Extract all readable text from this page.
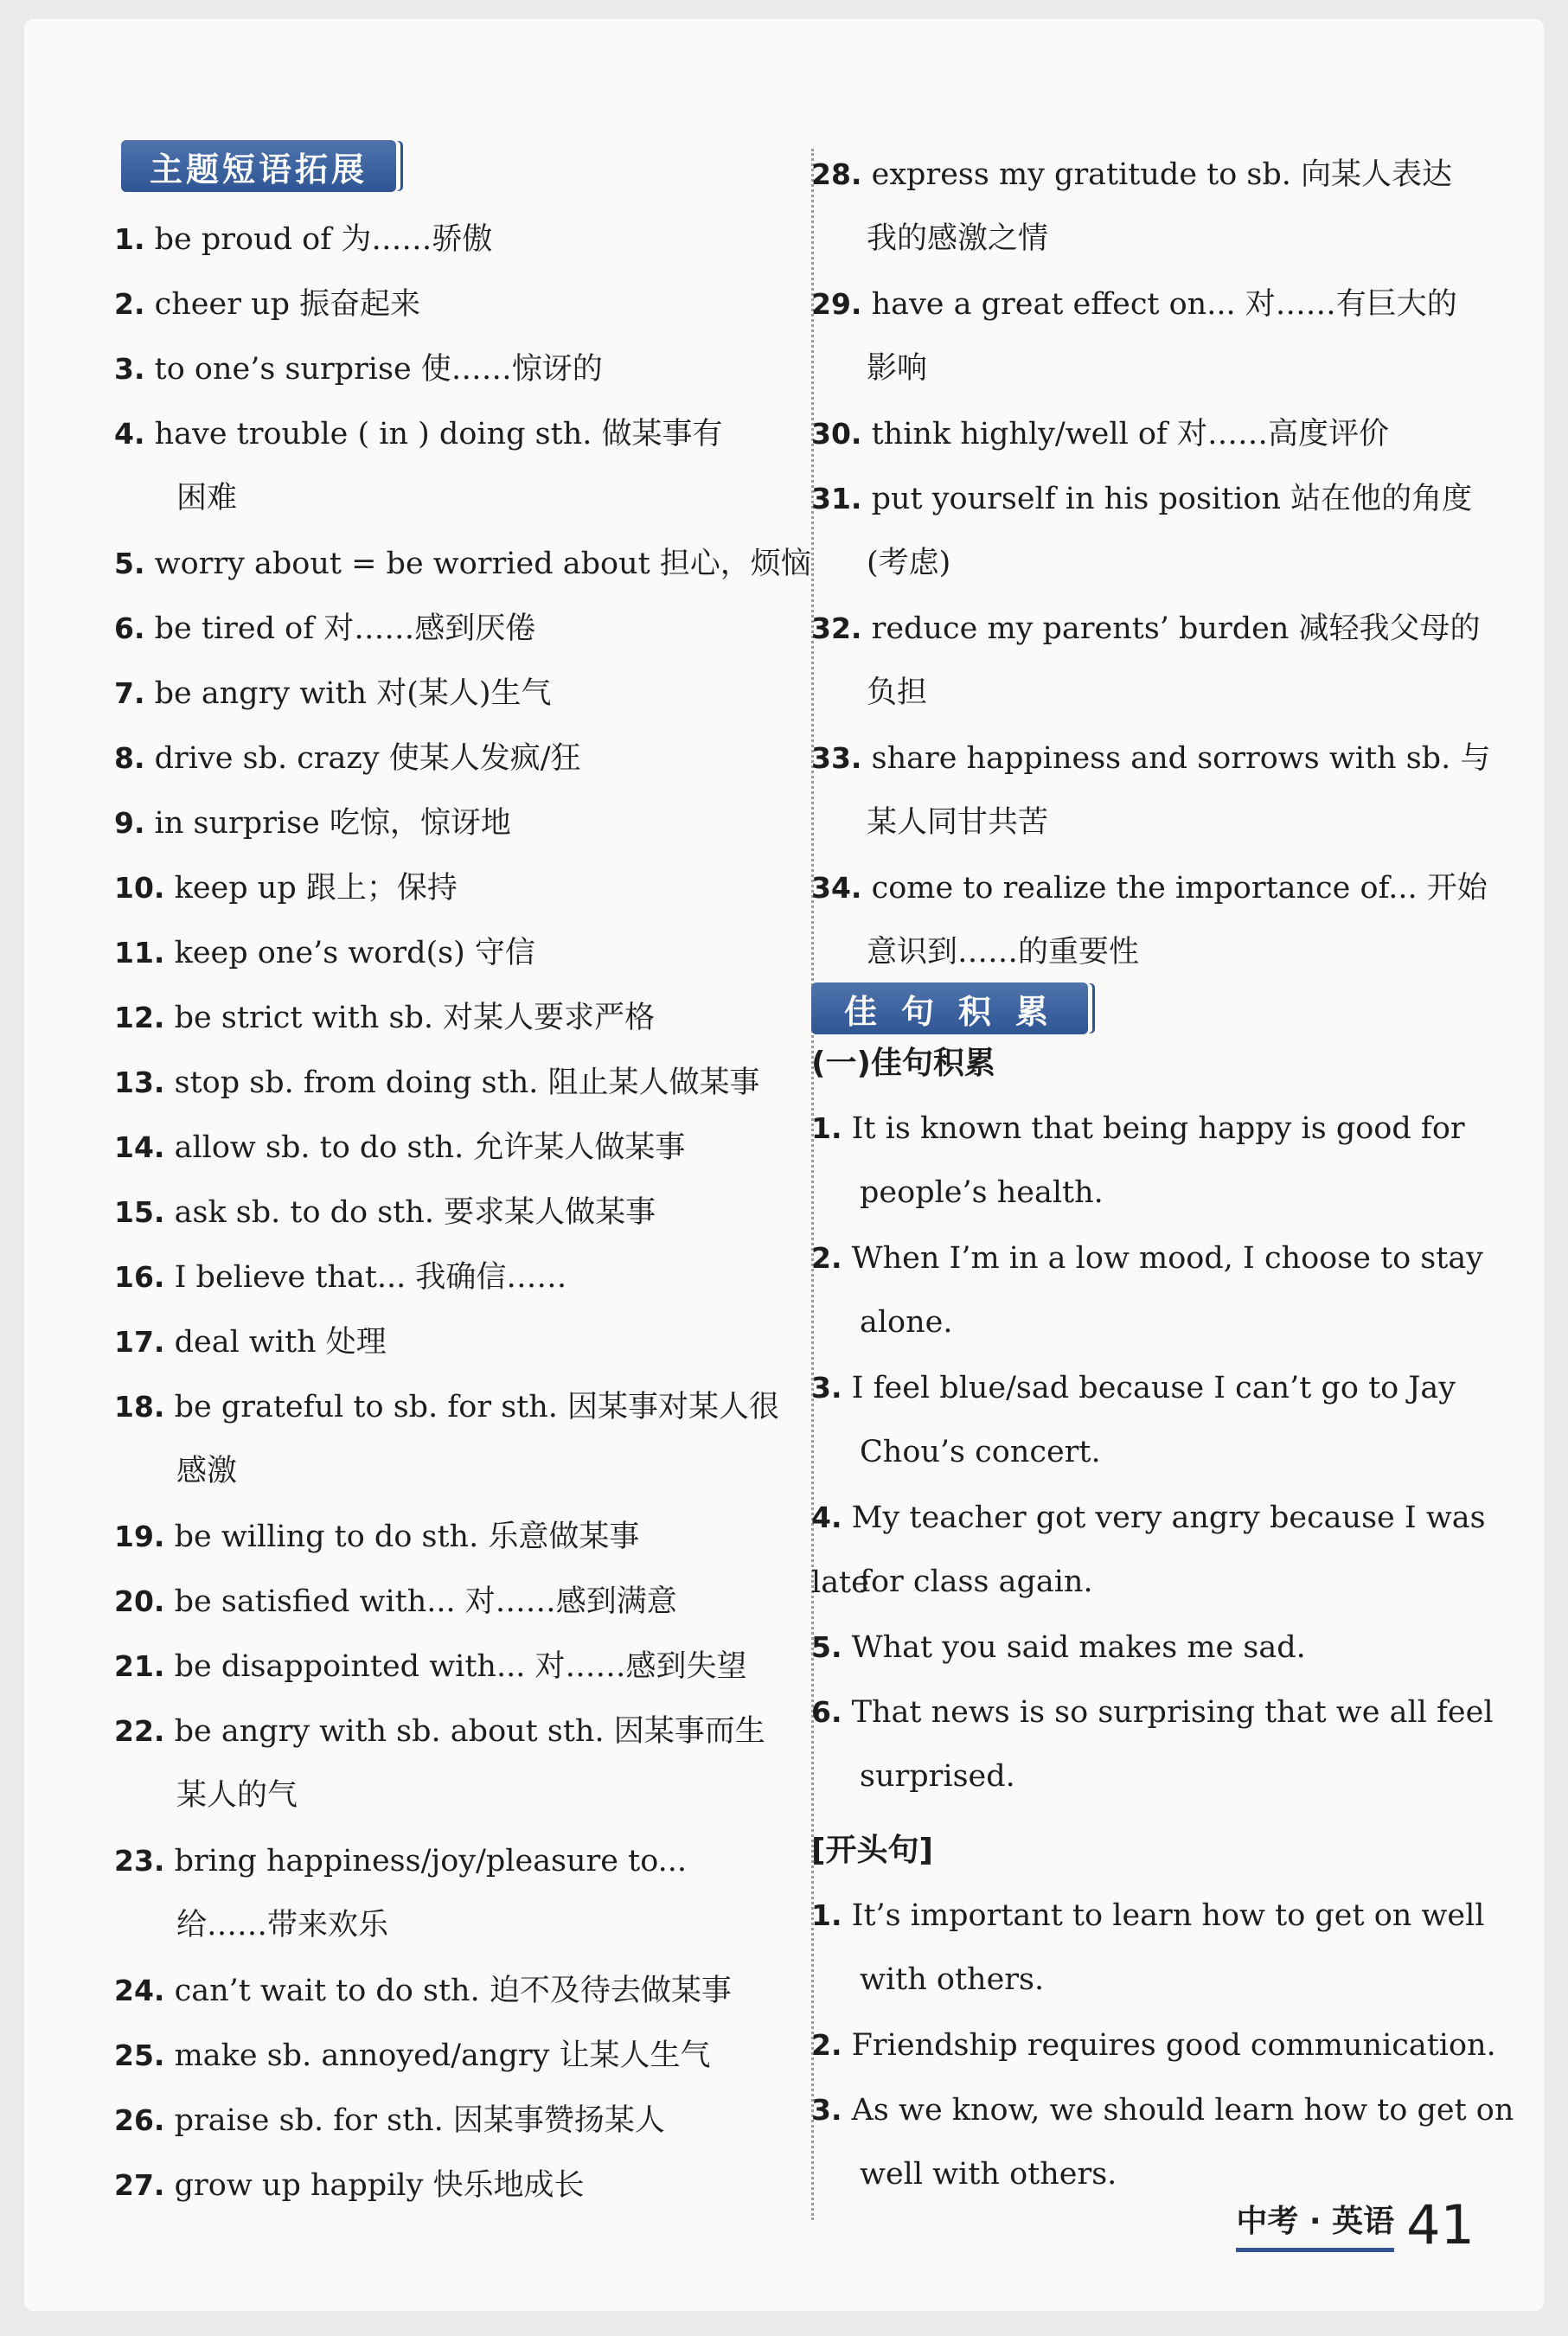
主题短语拓展
1. be proud of 为……骄傲
2. cheer up 振奋起来
3. to one’s surprise 使……惊讶的
4. have trouble ( in ) doing sth. 做某事有
困难
5. worry about = be worried about 担心，烦恼
6. be tired of 对……感到厌倦
7. be angry with 对(某人)生气
8. drive sb. crazy 使某人发疯/狂
9. in surprise 吃惊，惊讶地
10. keep up 跟上；保持
11. keep one’s word(s) 守信
12. be strict with sb. 对某人要求严格
13. stop sb. from doing sth. 阻止某人做某事
14. allow sb. to do sth. 允许某人做某事
15. ask sb. to do sth. 要求某人做某事
16. I believe that... 我确信……
17. deal with 处理
18. be grateful to sb. for sth. 因某事对某人很
感激
19. be willing to do sth. 乐意做某事
20. be satisfied with... 对……感到满意
21. be disappointed with... 对……感到失望
22. be angry with sb. about sth. 因某事而生
某人的气
23. bring happiness/joy/pleasure to...
给……带来欢乐
24. can’t wait to do sth. 迫不及待去做某事
25. make sb. annoyed/angry 让某人生气
26. praise sb. for sth. 因某事赞扬某人
27. grow up happily 快乐地成长
28. express my gratitude to sb. 向某人表达
我的感激之情
29. have a great effect on... 对……有巨大的
影响
30. think highly/well of 对……高度评价
31. put yourself in his position 站在他的角度
(考虑)
32. reduce my parents’ burden 减轻我父母的
负担
33. share happiness and sorrows with sb. 与
某人同甘共苦
34. come to realize the importance of... 开始
意识到……的重要性
佳句积累
(一)佳句积累
1. It is known that being happy is good for
people’s health.
2. When I’m in a low mood, I choose to stay
alone.
3. I feel blue/sad because I can’t go to Jay
Chou’s concert.
4. My teacher got very angry because I was late
for class again.
5. What you said makes me sad.
6. That news is so surprising that we all feel
surprised.
[开头句]
1. It’s important to learn how to get on well
with others.
2. Friendship requires good communication.
3. As we know, we should learn how to get on
well with others.
中考 · 英语 41
